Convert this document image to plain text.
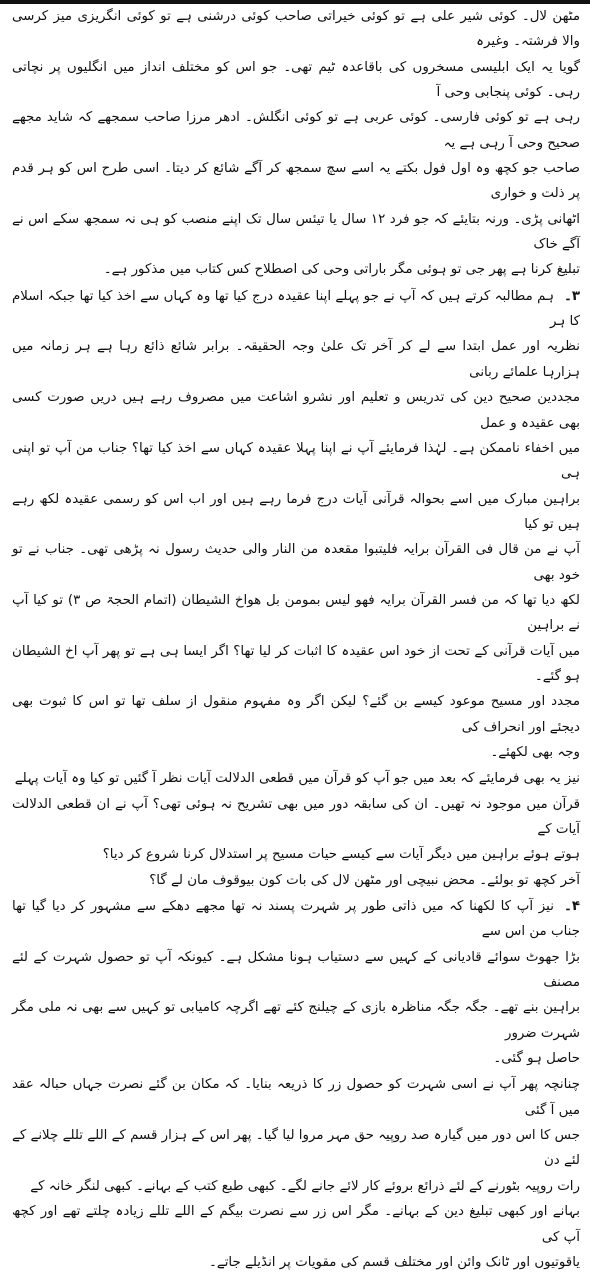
مٹھن لال۔ کوئی شیر علی ہے تو کوئی خیراتی صاحب کوئی درشنی ہے تو کوئی انگریزی میز کرسی والا فرشتہ۔ وغیرہ
گویا یہ ایک ابلیسی مسخروں کی باقاعدہ ٹیم تھی۔ جو اس کو مختلف انداز میں انگلیوں پر نچاتی رہی۔ کوئی پنجابی وحی آ
رہی ہے تو کوئی فارسی۔ کوئی عربی ہے تو کوئی انگلش۔ ادھر مرزا صاحب سمجھے کہ شاید مجھے صحیح وحی آ رہی ہے یہ
صاحب جو کچھ وہ اول فول بکتے یہ اسے سچ سمجھ کر آگے شائع کر دیتا۔ اسی طرح اس کو ہر قدم پر ذلت و خواری
اٹھانی پڑی۔ ورنہ بتایئے کہ جو فرد ۱۲ سال یا تیئس سال تک اپنے منصب کو ہی نہ سمجھ سکے اس نے آگے خاک
تبلیغ کرنا ہے پھر جی تو ہوئی مگر باراتی وحی کی اصطلاح کس کتاب میں مذکور ہے۔
۳۔ہم مطالبہ کرتے ہیں کہ آپ نے جو پہلے اپنا عقیدہ درج کیا تھا وہ کہاں سے اخذ کیا تھا جبکہ اسلام کا ہر
نظریہ اور عمل ابتدا سے لے کر آخر تک علیٰ وجہ الحقیقہ۔ برابر شائع ذائع رہا ہے ہر زمانہ میں ہزارہا علمائے ربانی
مجددین صحیح دین کی تدریس و تعلیم اور نشرو اشاعت میں مصروف رہے ہیں دریں صورت کسی بھی عقیدہ و عمل
میں اخفاء ناممکن ہے۔ لہٰذا فرمایئے آپ نے اپنا پہلا عقیدہ کہاں سے اخذ کیا تھا؟ جناب من آپ تو اپنی ہی
براہین مبارک میں اسے بحوالہ قرآنی آیات درج فرما رہے ہیں اور اب اس کو رسمی عقیدہ لکھ رہے ہیں تو کیا
آپ نے من قال فی القرآن برایہ فلیتبوا مقعدہ من النار والی حدیث رسول نہ پڑھی تھی۔ جناب نے تو خود بھی
لکھ دیا تھا کہ من فسر القرآن برایہ فھو لیس بمومن بل ھواخ الشیطان (اتمام الحجۃ ص ۳) تو کیا آپ نے براہین
میں آیات قرآنی کے تحت از خود اس عقیدہ کا اثبات کر لیا تھا؟ اگر ایسا ہی ہے تو پھر آپ اخ الشیطان ہو گئے۔
مجدد اور مسیح موعود کیسے بن گئے؟ لیکن اگر وہ مفہوم منقول از سلف تھا تو اس کا ثبوت بھی دیجئے اور انحراف کی
وجہ بھی لکھئے۔
نیز یہ بھی فرمایئے کہ بعد میں جو آپ کو قرآن میں قطعی الدلالت آیات نظر آ گئیں تو کیا وہ آیات پہلے
قرآن میں موجود نہ تھیں۔ ان کی سابقہ دور میں بھی تشریح نہ ہوئی تھی؟ آپ نے ان قطعی الدلالت آیات کے
ہوتے ہوئے براہین میں دیگر آیات سے کیسے حیات مسیح پر استدلال کرنا شروع کر دیا؟
آخر کچھ تو بولئے۔ محض نبیچی اور مٹھن لال کی بات کون بیوقوف مان لے گا؟
۴۔نیز آپ کا لکھنا کہ میں ذاتی طور پر شہرت پسند نہ تھا مجھے دھکے سے مشہور کر دیا گیا تھا جناب من اس سے
بڑا جھوٹ سوائے قادیانی کے کہیں سے دستیاب ہونا مشکل ہے۔ کیونکہ آپ تو حصول شہرت کے لئے مصنف
براہین بنے تھے۔ جگہ جگہ مناظرہ بازی کے چیلنج کئے تھے اگرچہ کامیابی تو کہیں سے بھی نہ ملی مگر شہرت ضرور
حاصل ہو گئی۔
چنانچہ پھر آپ نے اسی شہرت کو حصول زر کا ذریعہ بنایا۔ کہ مکان بن گئے نصرت جہاں حبالہ عقد میں آ گئی
جس کا اس دور میں گیارہ صد روپیہ حق مہر مروا لیا گیا۔ پھر اس کے ہزار قسم کے اللے تللے چلانے کے لئے دن
رات روپیہ بٹورنے کے لئے ذرائع بروئے کار لائے جانے لگے۔ کبھی طبع کتب کے بہانے۔ کبھی لنگر خانہ کے
بہانے اور کبھی تبلیغ دین کے بہانے۔ مگر اس زر سے نصرت بیگم کے اللے تللے زیادہ چلتے تھے اور کچھ آپ کی
یاقوتیوں اور ٹانک وائن اور مختلف قسم کی مقویات پر انڈیلے جاتے۔
